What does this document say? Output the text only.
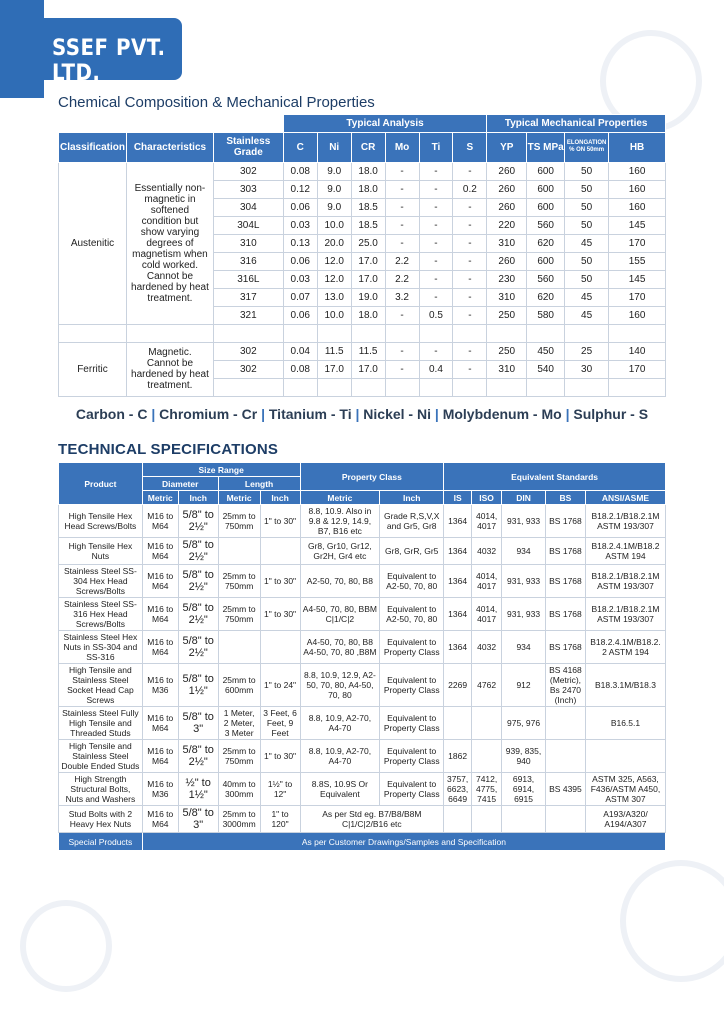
SSEF PVT. LTD.
Chemical Composition & Mechanical Properties
			Typical Analysis						Typical Mechanical Properties			
Classification	Characteristics	Stainless Grade	C	Ni	CR	Mo	Ti	S	YP	TS MPa	ELONGATION % ON 50mm	HB
Austenitic	Essentially non-magnetic in softened condition but show varying degrees of magnetism when cold worked. Cannot be hardened by heat treatment.	302	0.08	9.0	18.0	-	-	-	260	600	50	160
		303	0.12	9.0	18.0	-	-	0.2	260	600	50	160
		304	0.06	9.0	18.5	-	-	-	260	600	50	160
		304L	0.03	10.0	18.5	-	-	-	220	560	50	145
		310	0.13	20.0	25.0	-	-	-	310	620	45	170
		316	0.06	12.0	17.0	2.2	-	-	260	600	50	155
		316L	0.03	12.0	17.0	2.2	-	-	230	560	50	145
		317	0.07	13.0	19.0	3.2	-	-	310	620	45	170
		321	0.06	10.0	18.0	-	0.5	-	250	580	45	160

Ferritic	Magnetic. Cannot be hardened by heat treatment.	302	0.04	11.5	11.5	-	-	-	250	450	25	140
		302	0.08	17.0	17.0	-	0.4	-	310	540	30	170

Carbon - C | Chromium - Cr | Titanium - Ti | Nickel - Ni | Molybdenum - Mo | Sulphur - S
TECHNICAL SPECIFICATIONS
Product	Size Range				Property Class		Equivalent Standards				
	Diameter		Length								
	Metric	Inch	Metric	Inch	Metric	Inch	IS	ISO	DIN	BS	ANSI/ASME
High Tensile Hex Head Screws/Bolts	M16 to M64	5/8" to 2½"	25mm to 750mm	1" to 30"	8.8, 10.9. Also in 9.8 & 12.9, 14.9, B7, B16 etc	Grade R,S,V,X and Gr5, Gr8	1364	4014, 4017	931, 933	BS 1768	B18.2.1/B18.2.1M ASTM 193/307
High Tensile Hex Nuts	M16 to M64	5/8" to 2½"			Gr8, Gr10, Gr12, Gr2H, Gr4 etc	Gr8, GrR, Gr5	1364	4032	934	BS 1768	B18.2.4.1M/B18.2 ASTM 194
Stainless Steel SS-304 Hex Head Screws/Bolts	M16 to M64	5/8" to 2½"	25mm to 750mm	1" to 30"	A2-50, 70, 80, B8	Equivalent to A2-50, 70, 80	1364	4014, 4017	931, 933	BS 1768	B18.2.1/B18.2.1M ASTM 193/307
Stainless Steel SS-316 Hex Head Screws/Bolts	M16 to M64	5/8" to 2½"	25mm to 750mm	1" to 30"	A4-50, 70, 80, BBM C|1/C|2	Equivalent to A2-50, 70, 80	1364	4014, 4017	931, 933	BS 1768	B18.2.1/B18.2.1M ASTM 193/307
Stainless Steel Hex Nuts in SS-304 and SS-316	M16 to M64	5/8" to 2½"			A4-50, 70, 80, B8 A4-50, 70, 80 ,B8M	Equivalent to Property Class	1364	4032	934	BS 1768	B18.2.4.1M/B18.2. 2 ASTM 194
High Tensile and Stainless Steel Socket Head Cap Screws	M16 to M36	5/8" to 1½"	25mm to 600mm	1" to 24"	8.8, 10.9, 12.9, A2-50, 70, 80, A4-50, 70, 80	Equivalent to Property Class	2269	4762	912	BS 4168 (Metric), Bs 2470 (Inch)	B18.3.1M/B18.3
Stainless Steel Fully High Tensile and Threaded Studs	M16 to M64	5/8" to 3"	1 Meter, 2 Meter, 3 Meter	3 Feet, 6 Feet, 9 Feet	8.8, 10.9, A2-70, A4-70	Equivalent to Property Class			975, 976		B16.5.1
High Tensile and Stainless Steel Double Ended Studs	M16 to M64	5/8" to 2½"	25mm to 750mm	1" to 30"	8.8, 10.9, A2-70, A4-70	Equivalent to Property Class	1862		939, 835, 940		
High Strength Structural Bolts, Nuts and Washers	M16 to M36	½" to 1½"	40mm to 300mm	1½" to 12"	8.8S, 10.9S Or Equivalent	Equivalent to Property Class	3757, 6623, 6649	7412, 4775, 7415	6913, 6914, 6915	BS 4395	ASTM 325, A563, F436/ASTM A450, ASTM 307
Stud Bolts with 2 Heavy Hex Nuts	M16 to M64	5/8" to 3"	25mm to 3000mm	1" to 120"	As per Std eg. B7/B8/B8M C|1/C|2/B16 etc						A193/A320/ A194/A307
Special Products	As per Customer Drawings/Samples and Specification										
